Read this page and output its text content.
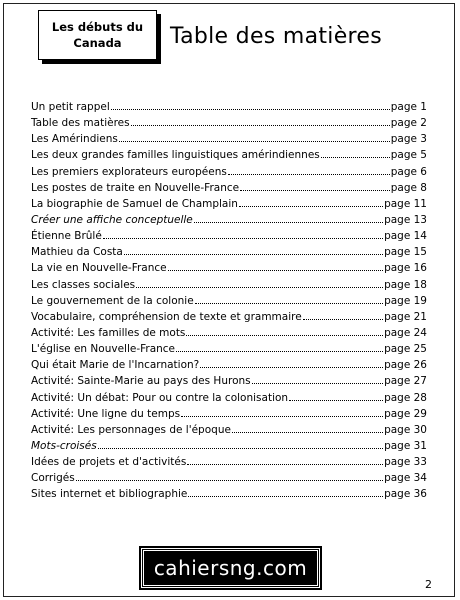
Les débuts du
Canada	Table des matières
Un petit rappel	page 1
Table des matières	page 2
Les Amérindiens	page 3
Les deux grandes familles linguistiques amérindiennes	page 5
Les premiers explorateurs européens	page 6
Les postes de traite en Nouvelle-France	page 8
La biographie de Samuel de Champlain	page 11
Créer une affiche conceptuelle	page 13
Étienne Brûlé	page 14
Mathieu da Costa	page 15
La vie en Nouvelle-France	page 16
Les classes sociales	page 18
Le gouvernement de la colonie	page 19
Vocabulaire, compréhension de texte et grammaire	page 21
Activité: Les familles de mots	page 24
L'église en Nouvelle-France	page 25
Qui était Marie de l'Incarnation?	page 26
Activité: Sainte-Marie au pays des Hurons	page 27
Activité: Un débat: Pour ou contre la colonisation	page 28
Activité: Une ligne du temps	page 29
Activité: Les personnages de l'époque	page 30
Mots-croisés	page 31
Idées de projets et d'activités	page 33
Corrigés	page 34
Sites internet et bibliographie	page 36
cahiersng.com
2
